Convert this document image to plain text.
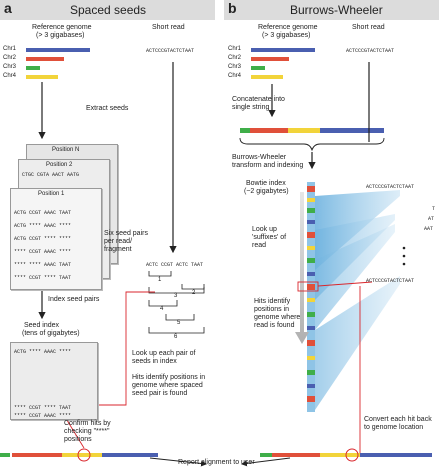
a	Spaced seeds	b	Burrows-Wheeler
Reference genome
(> 3 gigabases)
Short read
ACTCCCGTACTCTAAT
Chr1
Chr2
Chr3
Chr4
Extract seeds
Position N
Position 2
CTGC CGTA AACT AATG
Position 1
ACTG CCGT AAAC TAAT
ACTG **** AAAC ****
ACTG CCGT **** ****
**** CCGT AAAC ****
**** **** AAAC TAAT
**** CCGT **** TAAT
ACTC CCGT ACTC TAAT
1
2
3
4
5
6
Six seed pairs per read/ fragment
Index seed pairs
Seed index
(tens of gigabytes)
ACTG **** AAAC ****
**** CCGT **** TAAT
**** CCGT AAAC ****
Look up each pair of seeds in index
Hits identify positions in genome where spaced seed pair is found
Confirm hits by checking "****" positions
Reference genome
(> 3 gigabases)
Short read
ACTCCCGTACTCTAAT
Chr1
Chr2
Chr3
Chr4
Concatenate into single string
Burrows-Wheeler transform and indexing
Bowtie index
(~2 gigabytes)
Look up 'suffixes' of read
Hits identify positions in genome where read is found
Convert each hit back to genome location
ACTCCCGTACTCTAAT
T
AT
AAT
ACTCCCGTACTCTAAT
Report alignment to user
